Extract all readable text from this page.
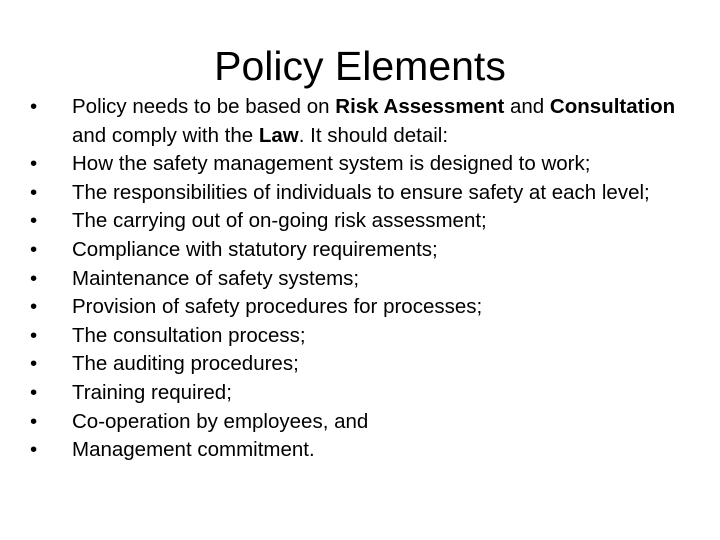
Policy Elements
•	Policy needs to be based on Risk Assessment and Consultation and comply with the Law. It should detail:
•	How the safety management system is designed to work;
•	The responsibilities of individuals to ensure safety at each level;
•	The carrying out of on-going risk assessment;
•	Compliance with statutory requirements;
•	Maintenance of safety systems;
•	Provision of safety procedures for processes;
•	The consultation process;
•	The auditing procedures;
•	Training required;
•	Co-operation by employees, and
•	Management commitment.
